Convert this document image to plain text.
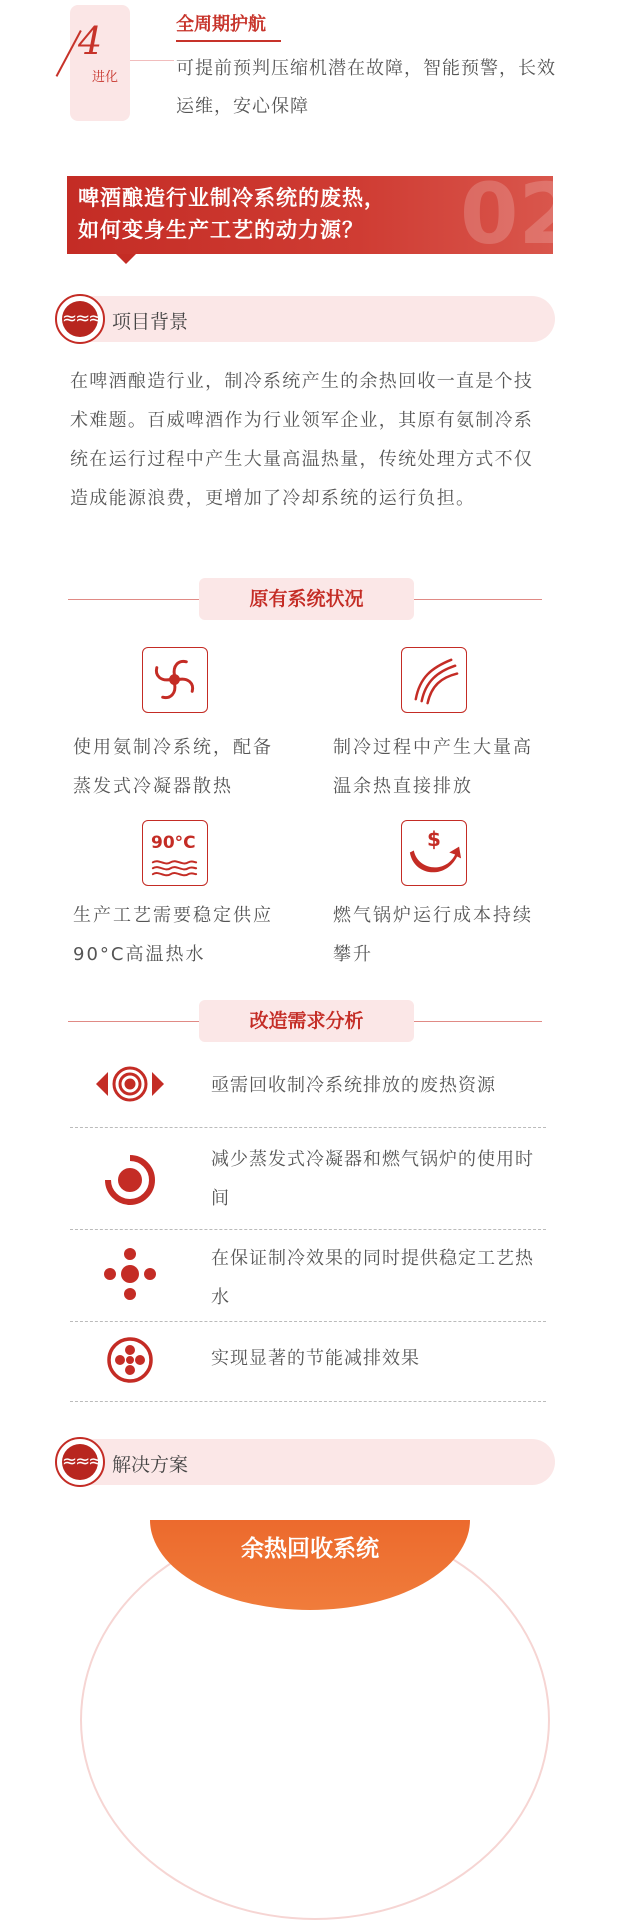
4
进化
全周期护航
可提前预判压缩机潜在故障，智能预警，长效运维，安心保障
02
啤酒酿造行业制冷系统的废热，
如何变身生产工艺的动力源？
≈≈≈ 项目背景
在啤酒酿造行业，制冷系统产生的余热回收一直是个技术难题。百威啤酒作为行业领军企业，其原有氨制冷系统在运行过程中产生大量高温热量，传统处理方式不仅造成能源浪费，更增加了冷却系统的运行负担。
原有系统状况
使用氨制冷系统，配备蒸发式冷凝器散热
制冷过程中产生大量高温余热直接排放
90°C
生产工艺需要稳定供应90°C高温热水
$
燃气锅炉运行成本持续攀升
改造需求分析
亟需回收制冷系统排放的废热资源
减少蒸发式冷凝器和燃气锅炉的使用时间
在保证制冷效果的同时提供稳定工艺热水
实现显著的节能减排效果
≈≈≈ 解决方案
余热回收系统
